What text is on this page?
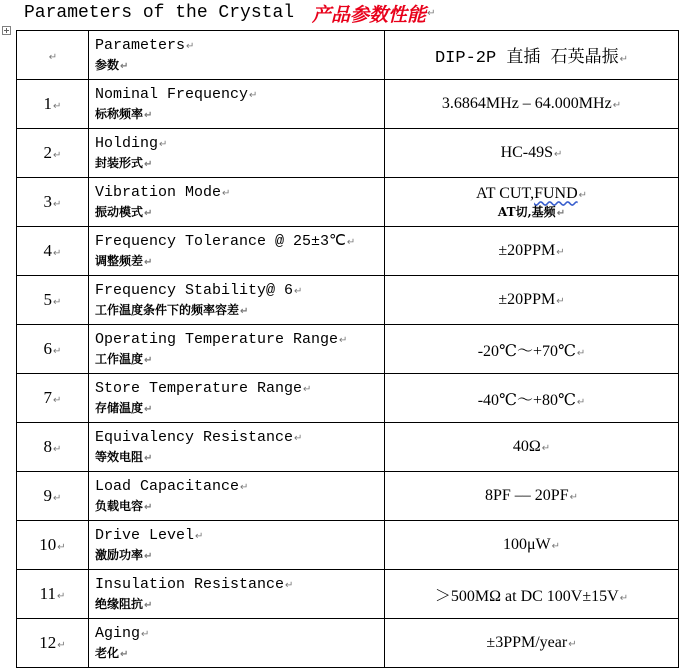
Parameters of the Crystal 产品参数性能 ↵
↵	Parameters↵
参数↵	DIP-2P 直插 石英晶振↵
1↵	Nominal Frequency↵
标称频率↵	3.6864MHz – 64.000MHz↵
2↵	Holding↵
封装形式↵	HC-49S↵
3↵	Vibration Mode↵
振动模式↵	AT CUT,FUND↵
AT切,基频↵

4↵	Frequency Tolerance @ 25±3℃↵
调整频差↵	±20PPM↵
5↵	Frequency Stability@ 6↵
工作温度条件下的频率容差↵	±20PPM↵
6↵	Operating Temperature Range↵
工作温度↵	-20℃～+70℃↵
7↵	Store Temperature Range↵
存储温度↵	-40℃～+80℃↵
8↵	Equivalency Resistance↵
等效电阻↵	40Ω↵
9↵	Load Capacitance↵
负载电容↵	8PF –– 20PF↵
10↵	Drive Level↵
激励功率↵	100μW↵
11↵	Insulation Resistance↵
绝缘阻抗↵	＞500MΩ at DC 100V±15V↵
12↵	Aging↵
老化↵	±3PPM/year↵
